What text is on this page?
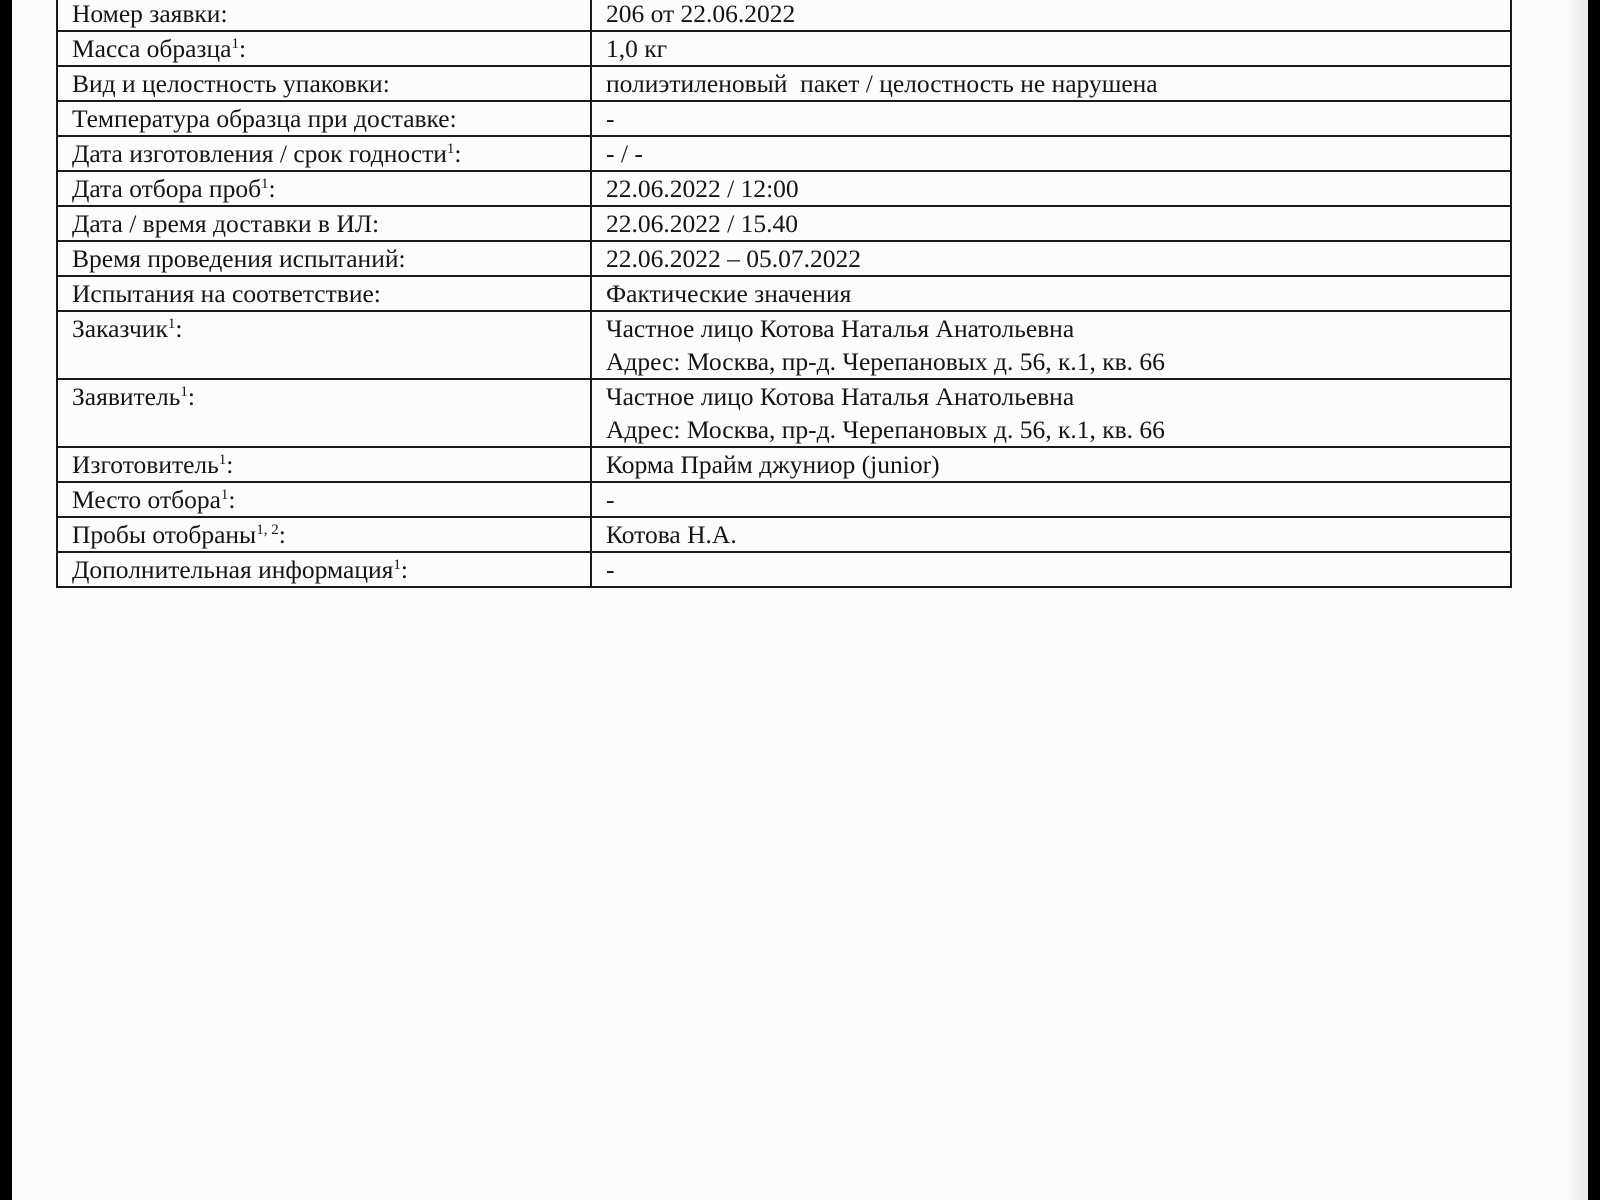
Номер заявки:	206 от 22.06.2022
Масса образца$^1$:	1,0 кг
Вид и целостность упаковки:	полиэтиленовый  пакет / целостность не нарушена
Температура образца при доставке:	-
Дата изготовления / срок годности$^1$:	- / -
Дата отбора проб$^1$:	22.06.2022 / 12:00
Дата / время доставки в ИЛ:	22.06.2022 / 15.40
Время проведения испытаний:	22.06.2022 – 05.07.2022
Испытания на соответствие:	Фактические значения
Заказчик$^1$:	Частное лицо Котова Наталья Анатольевна
Адрес: Москва, пр-д. Черепановых д. 56, к.1, кв. 66

Заявитель$^1$:	Частное лицо Котова Наталья Анатольевна
Адрес: Москва, пр-д. Черепановых д. 56, к.1, кв. 66

Изготовитель$^1$:	Корма Прайм джуниор (junior)
Место отбора$^1$:	-
Пробы отобраны$^{1, 2}$:	Котова Н.А.
Дополнительная информация$^1$:	-
